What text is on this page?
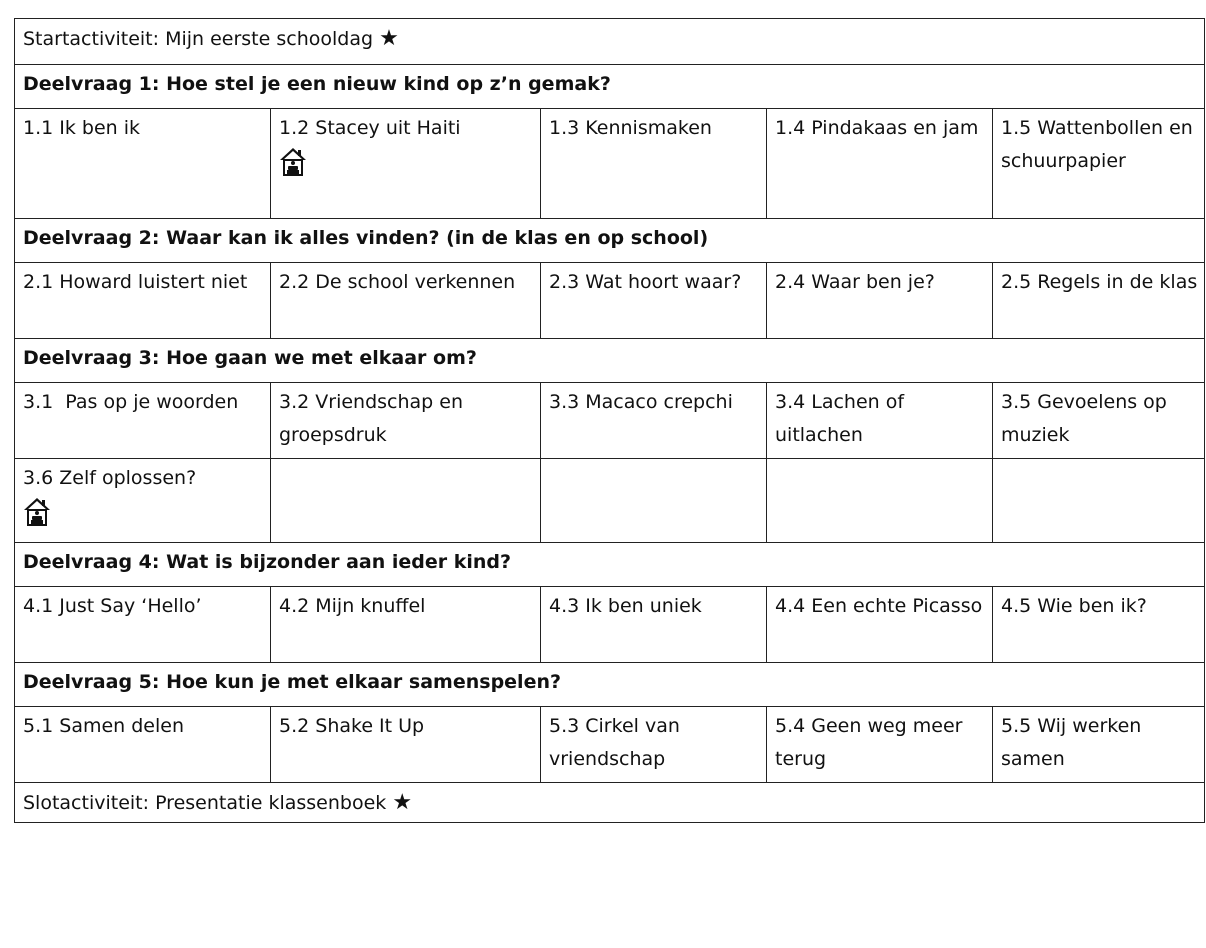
Startactiviteit: Mijn eerste schooldag ★				
Deelvraag 1: Hoe stel je een nieuw kind op z’n gemak?				
1.1 Ik ben ik	1.2 Stacey uit Haiti	1.3 Kennismaken	1.4 Pindakaas en jam	1.5 Wattenbollen en schuurpapier
Deelvraag 2: Waar kan ik alles vinden? (in de klas en op school)				
2.1 Howard luistert niet	2.2 De school verkennen	2.3 Wat hoort waar?	2.4 Waar ben je?	2.5 Regels in de klas
Deelvraag 3: Hoe gaan we met elkaar om?				
3.1  Pas op je woorden	3.2 Vriendschap en groepsdruk	3.3 Macaco crepchi	3.4 Lachen of uitlachen	3.5 Gevoelens op muziek

3.6 Zelf oplossen?				

Deelvraag 4: Wat is bijzonder aan ieder kind?				
4.1 Just Say ‘Hello’	4.2 Mijn knuffel	4.3 Ik ben uniek	4.4 Een echte Picasso	4.5 Wie ben ik?
Deelvraag 5: Hoe kun je met elkaar samenspelen?				
5.1 Samen delen	5.2 Shake It Up	5.3 Cirkel van vriendschap	5.4 Geen weg meer terug	5.5 Wij werken samen
Slotactiviteit: Presentatie klassenboek ★				
